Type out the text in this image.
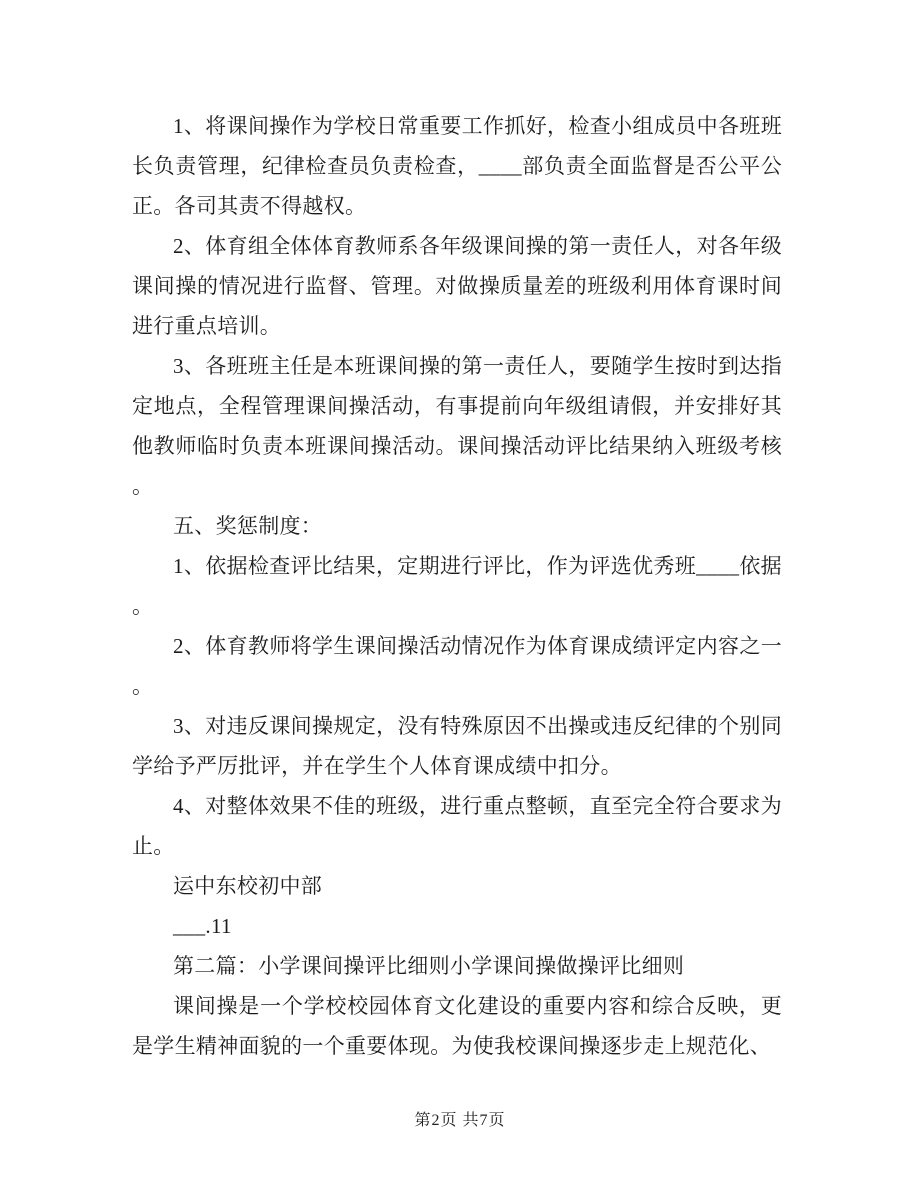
1、将课间操作为学校日常重要工作抓好，检查小组成员中各班班长负责管理，纪律检查员负责检查，____部负责全面监督是否公平公正。各司其责不得越权。

2、体育组全体体育教师系各年级课间操的第一责任人，对各年级课间操的情况进行监督、管理。对做操质量差的班级利用体育课时间进行重点培训。

3、各班班主任是本班课间操的第一责任人，要随学生按时到达指定地点，全程管理课间操活动，有事提前向年级组请假，并安排好其他教师临时负责本班课间操活动。课间操活动评比结果纳入班级考核。

五、奖惩制度：

1、依据检查评比结果，定期进行评比，作为评选优秀班____依据。

2、体育教师将学生课间操活动情况作为体育课成绩评定内容之一。

3、对违反课间操规定，没有特殊原因不出操或违反纪律的个别同学给予严厉批评，并在学生个人体育课成绩中扣分。

4、对整体效果不佳的班级，进行重点整顿，直至完全符合要求为止。

运中东校初中部

___.11

第二篇：小学课间操评比细则小学课间操做操评比细则

课间操是一个学校校园体育文化建设的重要内容和综合反映，更是学生精神面貌的一个重要体现。为使我校课间操逐步走上规范化、

第2页 共7页
